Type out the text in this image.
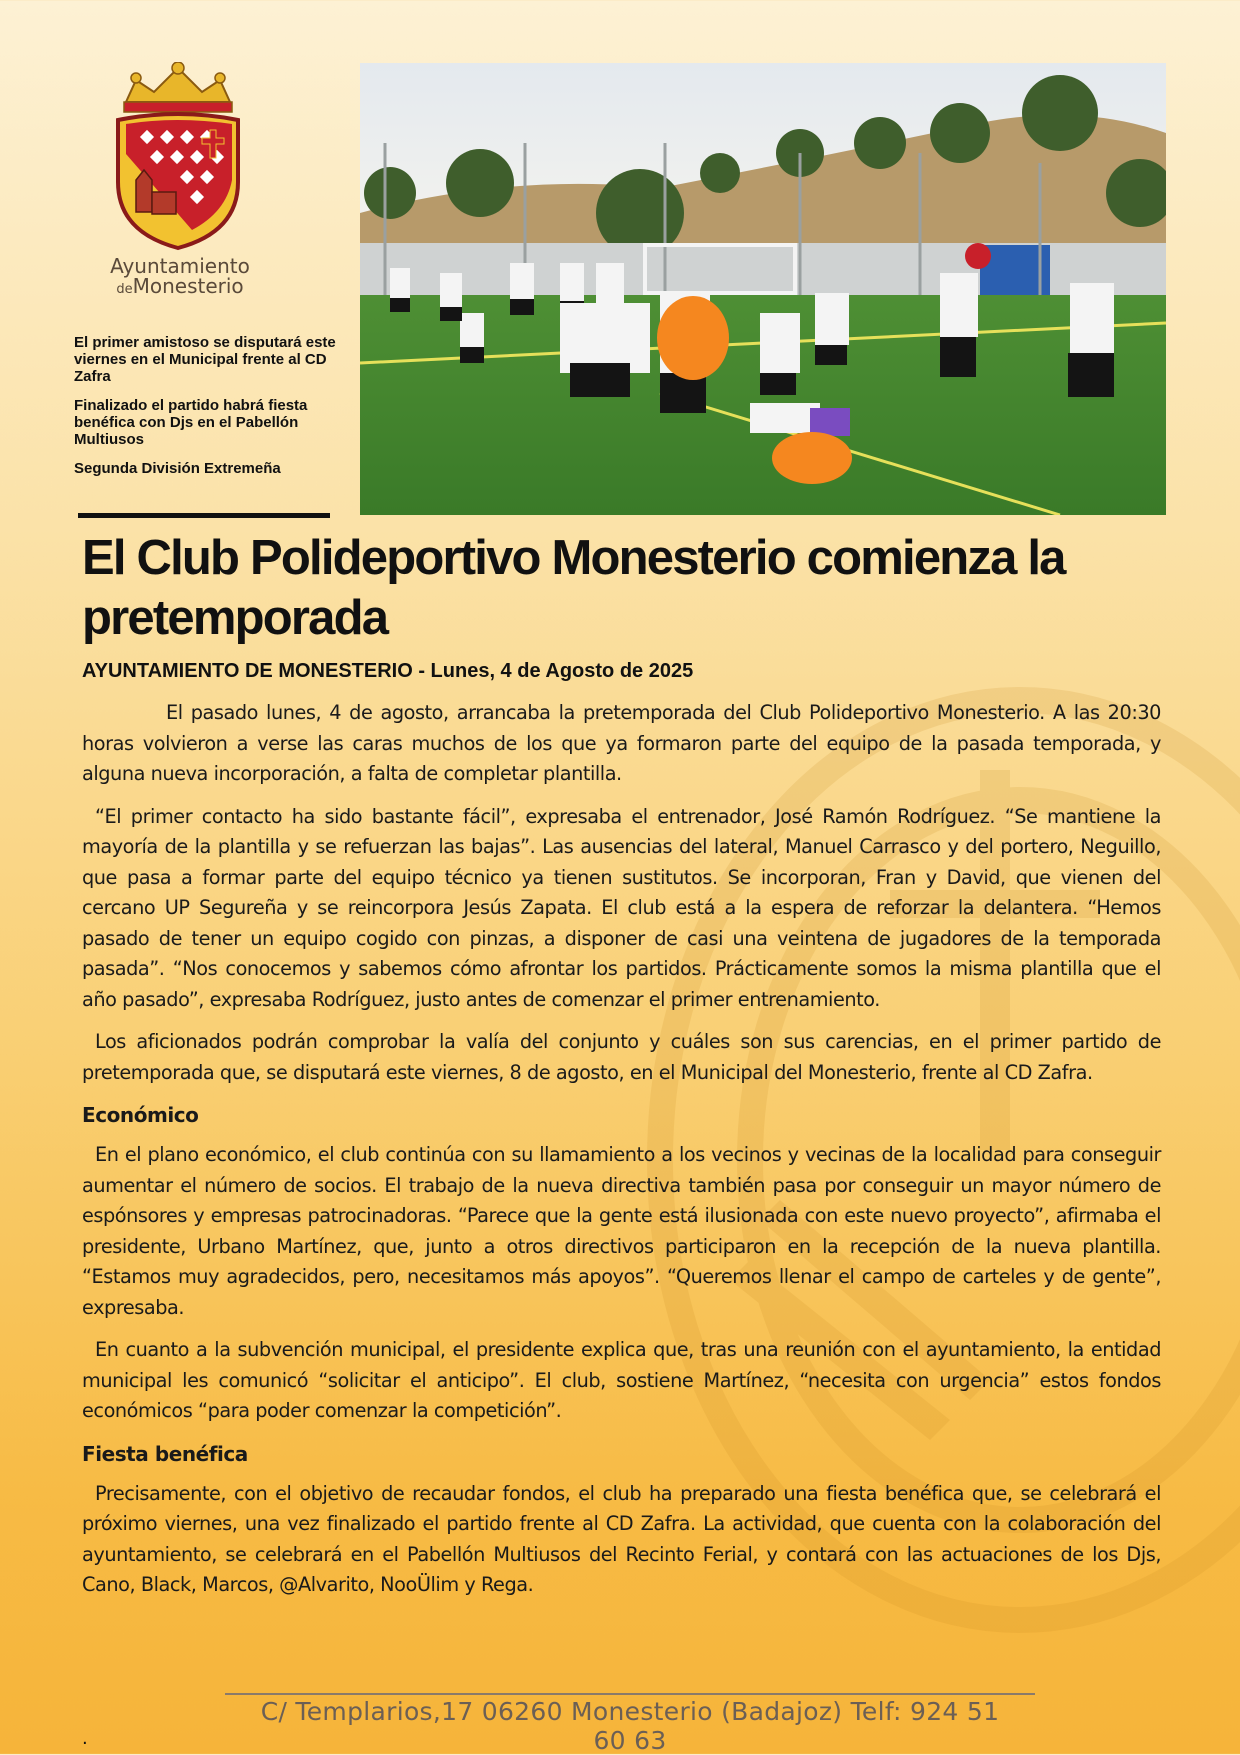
Ayuntamiento
deMonesterio

El primer amistoso se disputará este viernes en el Municipal frente al CD Zafra

Finalizado el partido habrá fiesta benéfica con Djs en el Pabellón Multiusos

Segunda División Extremeña

El Club Polideportivo Monesterio comienza la pretemporada
AYUNTAMIENTO DE MONESTERIO - Lunes, 4 de Agosto de 2025

El pasado lunes, 4 de agosto, arrancaba la pretemporada del Club Polideportivo Monesterio. A las 20:30 horas volvieron a verse las caras muchos de los que ya formaron parte del equipo de la pasada temporada, y alguna nueva incorporación, a falta de completar plantilla.

“El primer contacto ha sido bastante fácil”, expresaba el entrenador, José Ramón Rodríguez. “Se mantiene la mayoría de la plantilla y se refuerzan las bajas”. Las ausencias del lateral, Manuel Carrasco y del portero, Neguillo, que pasa a formar parte del equipo técnico ya tienen sustitutos. Se incorporan, Fran y David, que vienen del cercano UP Segureña y se reincorpora Jesús Zapata. El club está a la espera de reforzar la delantera. “Hemos pasado de tener un equipo cogido con pinzas, a disponer de casi una veintena de jugadores de la temporada pasada”. “Nos conocemos y sabemos cómo afrontar los partidos. Prácticamente somos la misma plantilla que el año pasado”, expresaba Rodríguez, justo antes de comenzar el primer entrenamiento.

Los aficionados podrán comprobar la valía del conjunto y cuáles son sus carencias, en el primer partido de pretemporada que, se disputará este viernes, 8 de agosto, en el Municipal del Monesterio, frente al CD Zafra.

Económico

En el plano económico, el club continúa con su llamamiento a los vecinos y vecinas de la localidad para conseguir aumentar el número de socios. El trabajo de la nueva directiva también pasa por conseguir un mayor número de espónsores y empresas patrocinadoras. “Parece que la gente está ilusionada con este nuevo proyecto”, afirmaba el presidente, Urbano Martínez, que, junto a otros directivos participaron en la recepción de la nueva plantilla. “Estamos muy agradecidos, pero, necesitamos más apoyos”. “Queremos llenar el campo de carteles y de gente”, expresaba.

En cuanto a la subvención municipal, el presidente explica que, tras una reunión con el ayuntamiento, la entidad municipal les comunicó “solicitar el anticipo”. El club, sostiene Martínez, “necesita con urgencia” estos fondos económicos “para poder comenzar la competición”.

Fiesta benéfica

Precisamente, con el objetivo de recaudar fondos, el club ha preparado una fiesta benéfica que, se celebrará el próximo viernes, una vez finalizado el partido frente al CD Zafra. La actividad, que cuenta con la colaboración del ayuntamiento, se celebrará en el Pabellón Multiusos del Recinto Ferial, y contará con las actuaciones de los Djs, Cano, Black, Marcos, @Alvarito, NooÜlim y Rega.

C/ Templarios,17 06260 Monesterio (Badajoz) Telf: 924 51 60 63
.
